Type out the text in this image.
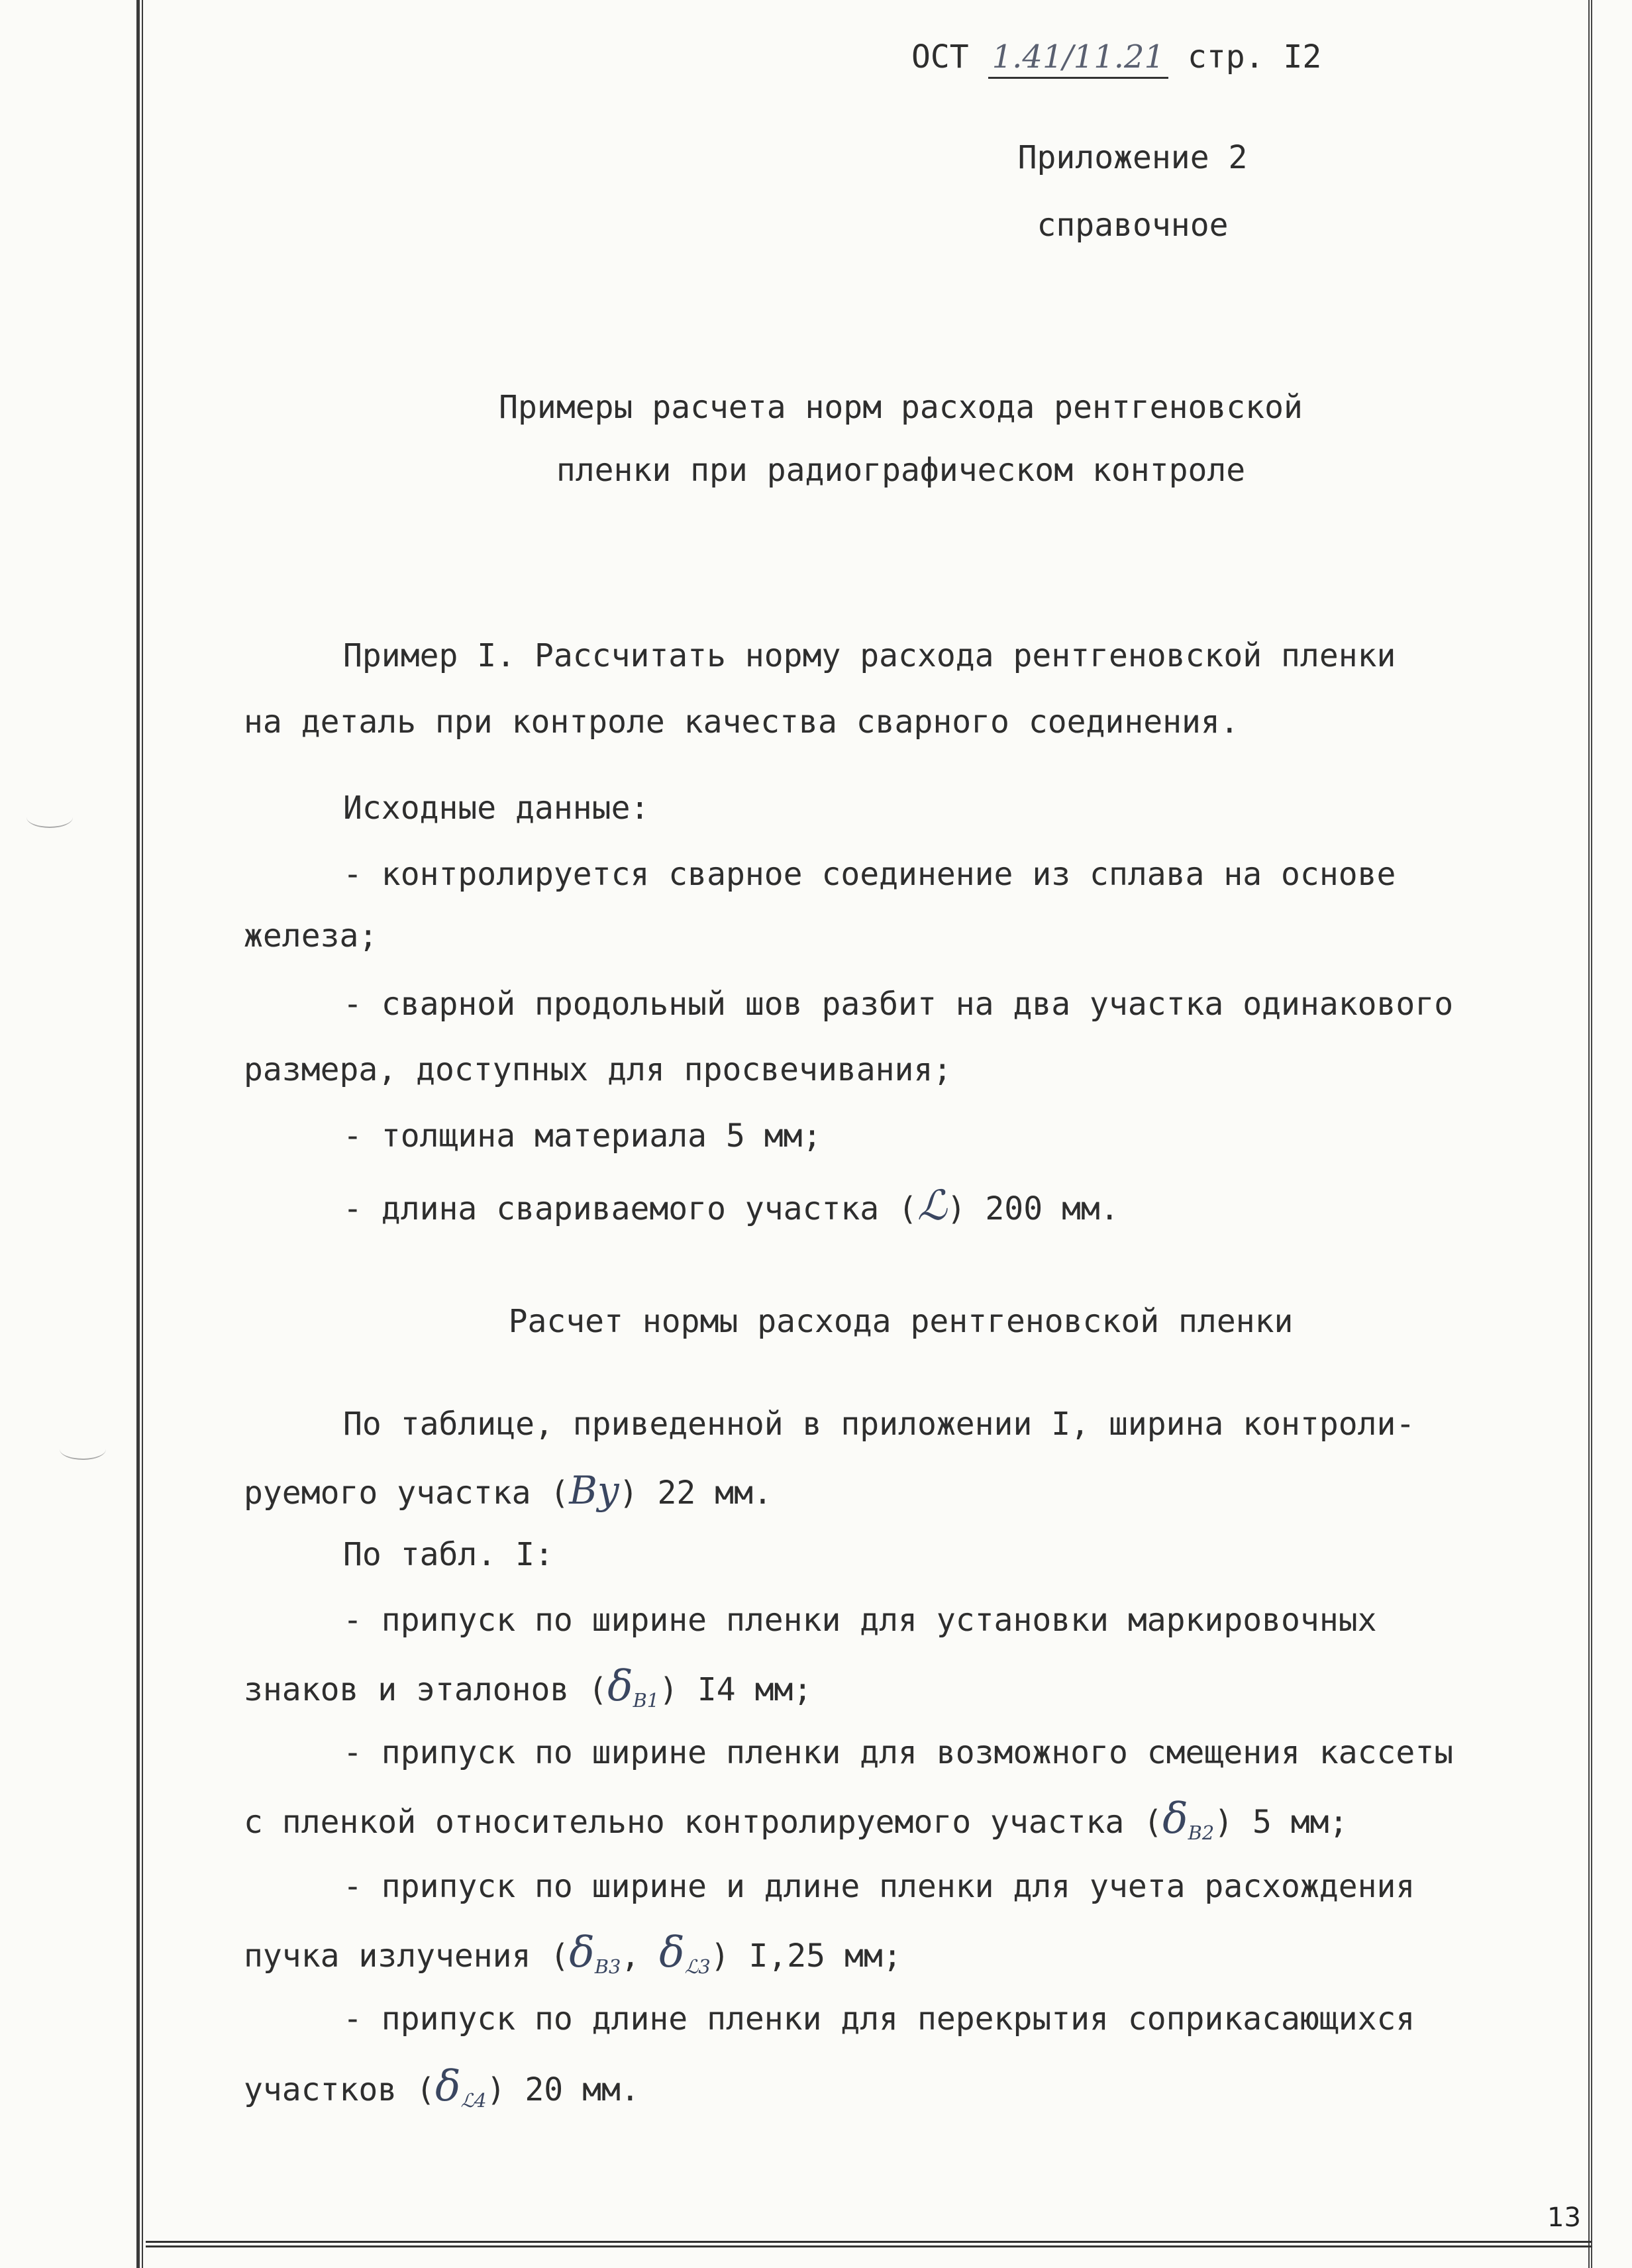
ОСТ 1.41/11.21 стр. I2
Приложение 2
справочное
Примеры расчета норм расхода рентгеновской
пленки при радиографическом контроле
Пример I. Рассчитать норму расхода рентгеновской пленки
на деталь при контроле качества сварного соединения.
Исходные данные:
- контролируется сварное соединение из сплава на основе
железа;
- сварной продольный шов разбит на два участка одинакового
размера, доступных для просвечивания;
- толщина материала 5 мм;
- длина свариваемого участка (ℒ) 200 мм.
Расчет нормы расхода рентгеновской пленки
По таблице, приведенной в приложении I, ширина контроли-
руемого участка (By) 22 мм.
По табл. I:
- припуск по ширине пленки для установки маркировочных
знаков и эталонов $(\delta_{B1})$ I4 мм;
- припуск по ширине пленки для возможного смещения кассеты
с пленкой относительно контролируемого участка $(\delta_{B2})$ 5 мм;
- припуск по ширине и длине пленки для учета расхождения
пучка излучения ($\delta_{B3}$, $\delta_{ℒ3}$) I,25 мм;
- припуск по длине пленки для перекрытия соприкасающихся
участков $(\delta_{ℒ4})$ 20 мм.
13
